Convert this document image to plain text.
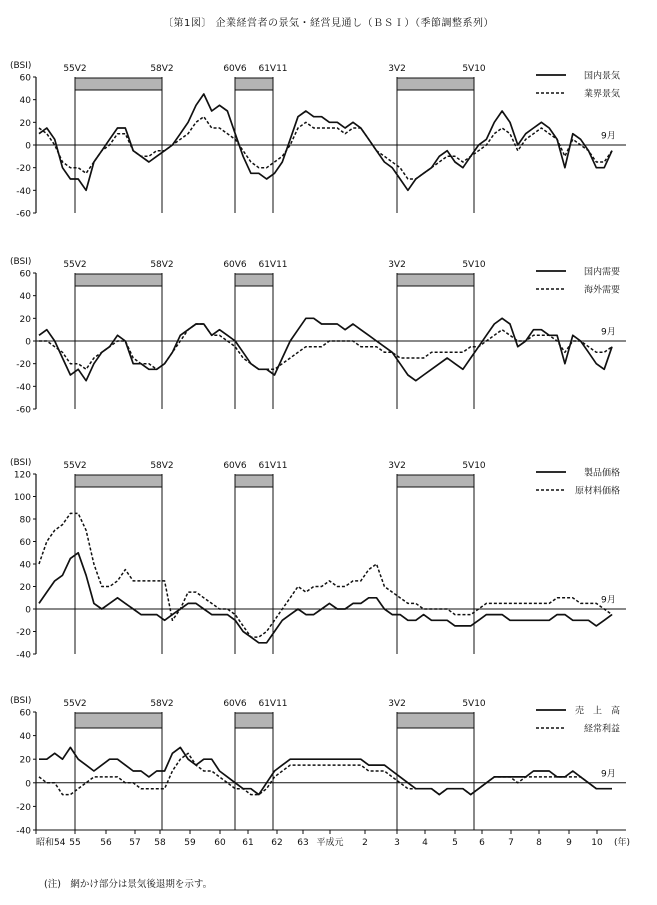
〔第1図〕 企業経営者の景気・経営見通し（ＢＳＩ）（季節調整系列）
-60
-40
-20
0
20
40
60
(BSI)	55V2	58V2	60V6 61V11	3V2	5V10
国内景気
業界景気
9月
-60
-40
-20
0
20
40
60
(BSI)	55V2	58V2	60V6 61V11	3V2	5V10
国内需要
海外需要
9月
-40
-20
0
20
40
60
80
100
120
(BSI)	55V2	58V2	60V6 61V11	3V2	5V10
製品価格
原材料価格
9月
-40
-20
0
20
40
60
(BSI)	55V2	58V2	60V6 61V11	3V2	5V10
売　上　高
経常利益
9月
昭和54 55 56 57 58 59 60 61 62 63 平成元 2	3 4	5 6	7 8	9 10 (年)
(注)　網かけ部分は景気後退期を示す。
